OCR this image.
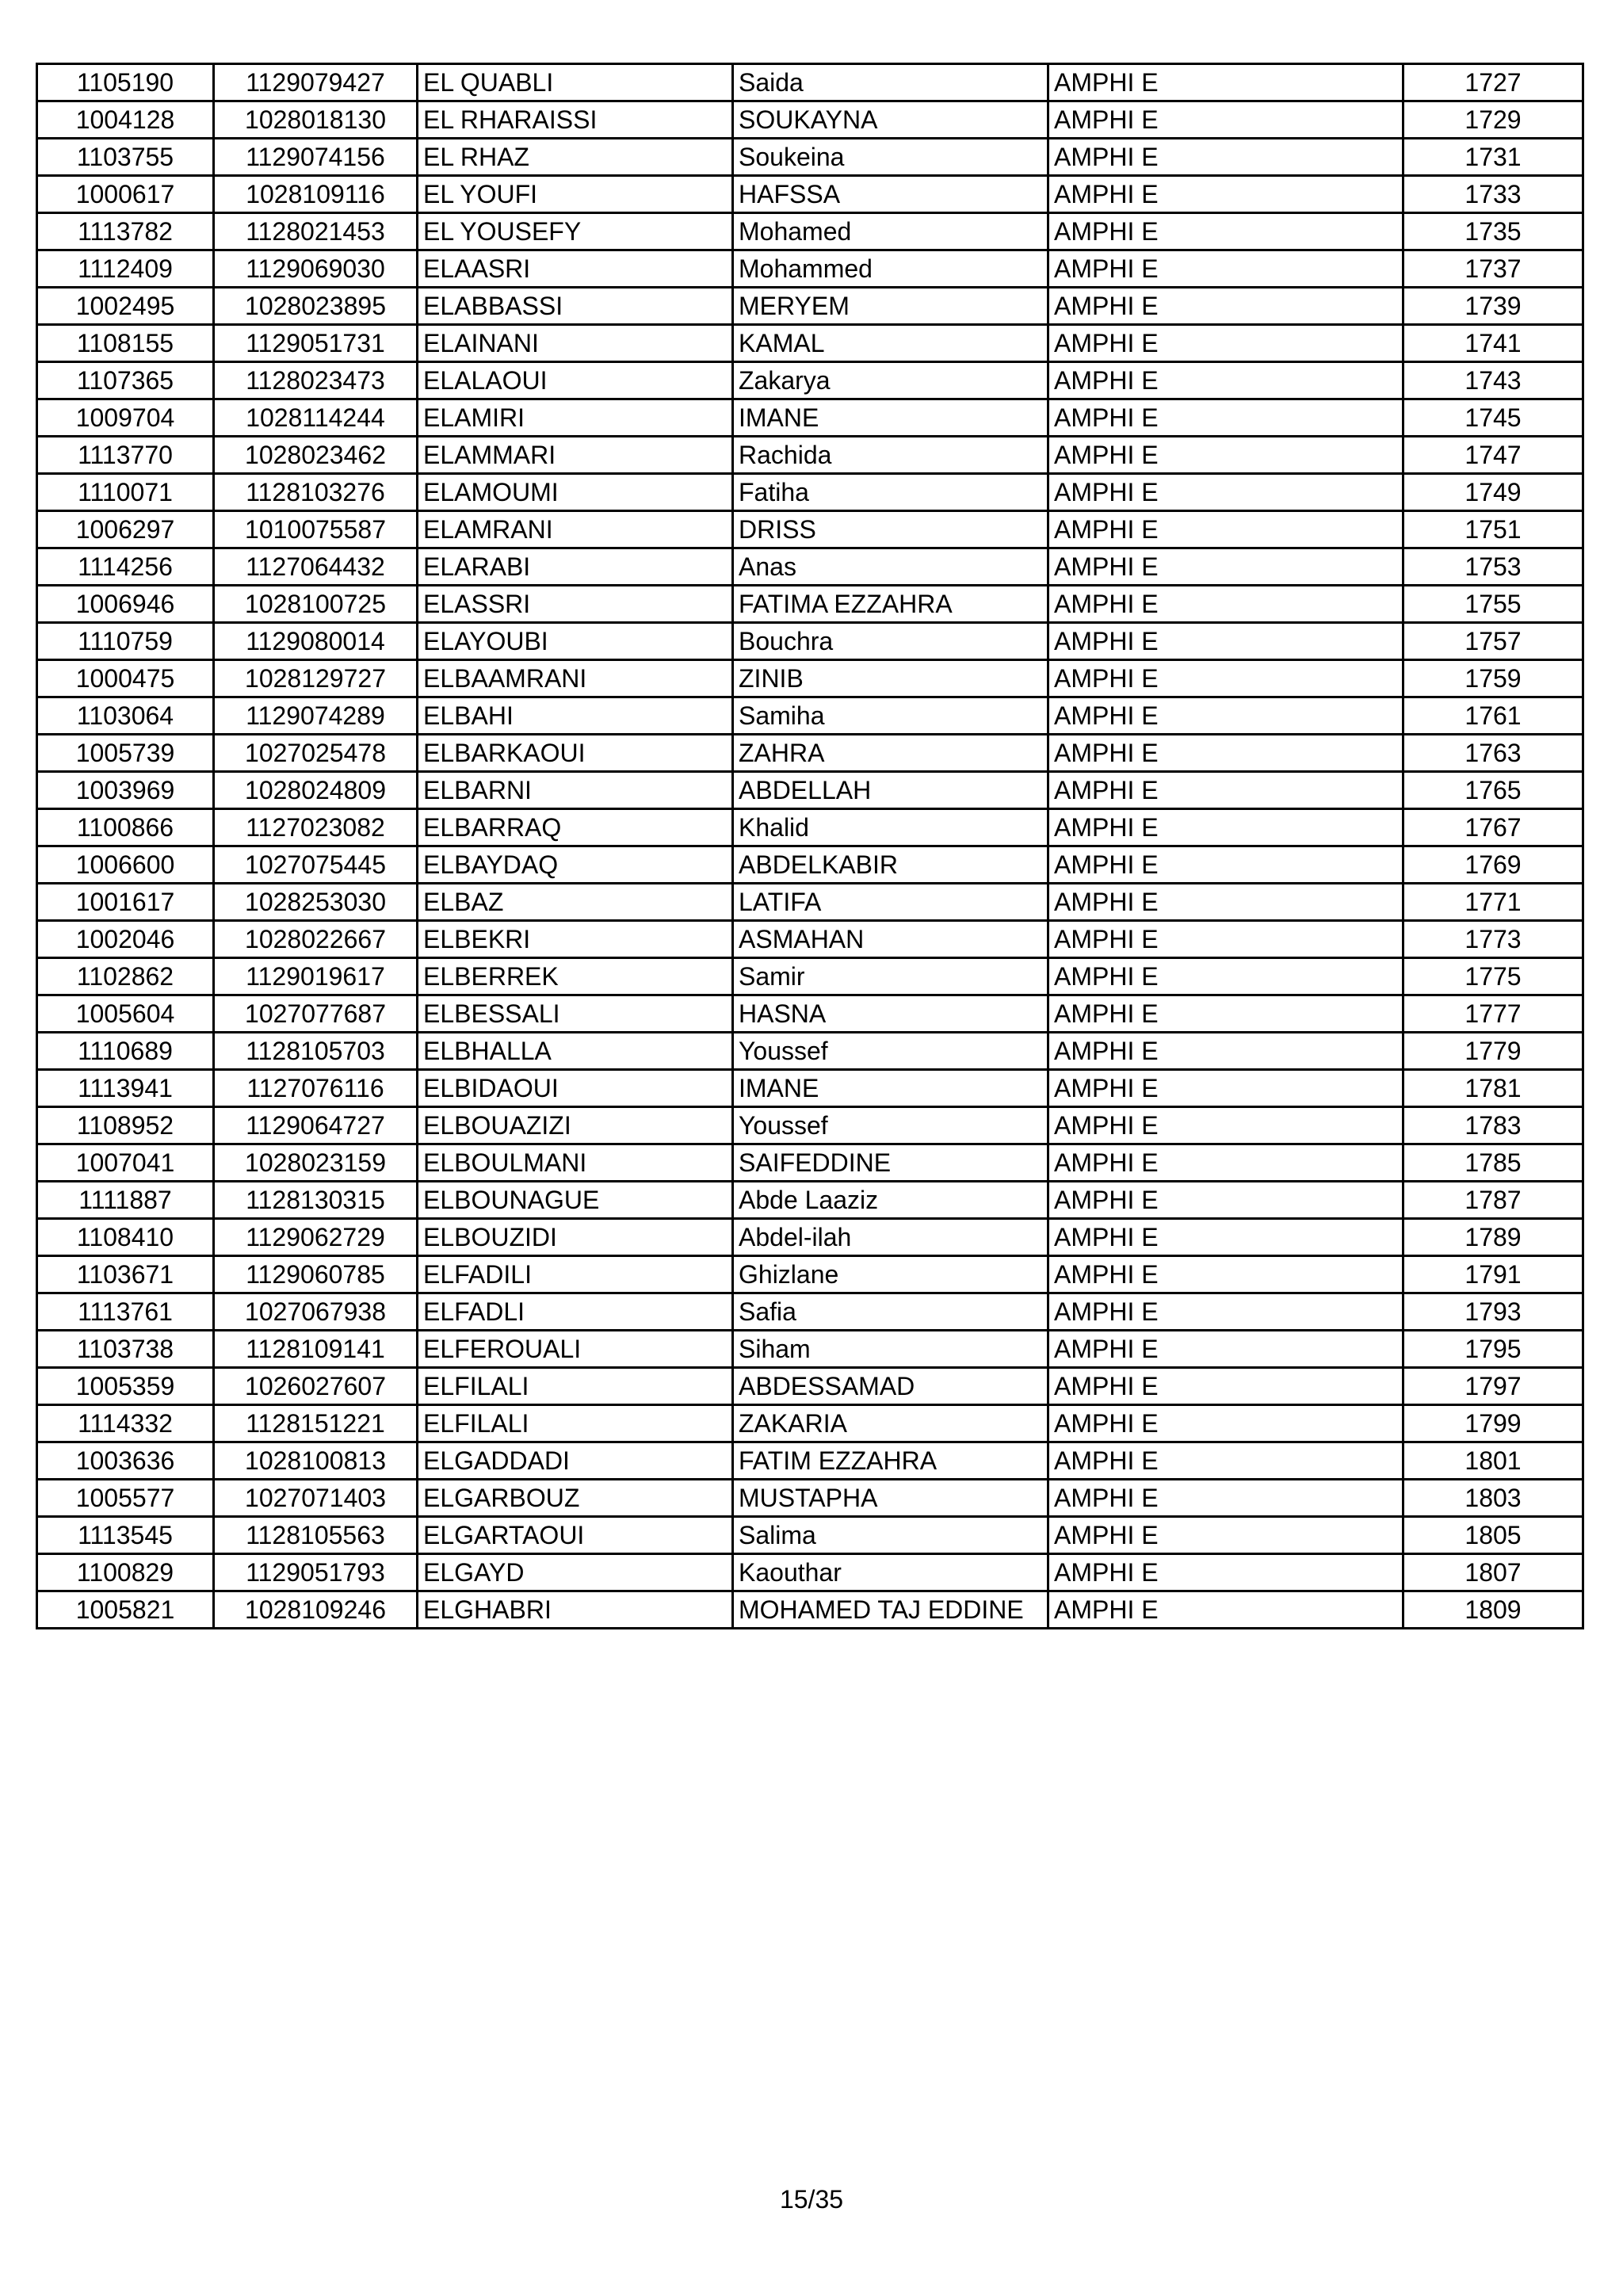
1105190	1129079427	EL QUABLI	Saida	AMPHI E	1727
1004128	1028018130	EL RHARAISSI	SOUKAYNA	AMPHI E	1729
1103755	1129074156	EL RHAZ	Soukeina	AMPHI E	1731
1000617	1028109116	EL YOUFI	HAFSSA	AMPHI E	1733
1113782	1128021453	EL YOUSEFY	Mohamed	AMPHI E	1735
1112409	1129069030	ELAASRI	Mohammed	AMPHI E	1737
1002495	1028023895	ELABBASSI	MERYEM	AMPHI E	1739
1108155	1129051731	ELAINANI	KAMAL	AMPHI E	1741
1107365	1128023473	ELALAOUI	Zakarya	AMPHI E	1743
1009704	1028114244	ELAMIRI	IMANE	AMPHI E	1745
1113770	1028023462	ELAMMARI	Rachida	AMPHI E	1747
1110071	1128103276	ELAMOUMI	Fatiha	AMPHI E	1749
1006297	1010075587	ELAMRANI	DRISS	AMPHI E	1751
1114256	1127064432	ELARABI	Anas	AMPHI E	1753
1006946	1028100725	ELASSRI	FATIMA EZZAHRA	AMPHI E	1755
1110759	1129080014	ELAYOUBI	Bouchra	AMPHI E	1757
1000475	1028129727	ELBAAMRANI	ZINIB	AMPHI E	1759
1103064	1129074289	ELBAHI	Samiha	AMPHI E	1761
1005739	1027025478	ELBARKAOUI	ZAHRA	AMPHI E	1763
1003969	1028024809	ELBARNI	ABDELLAH	AMPHI E	1765
1100866	1127023082	ELBARRAQ	Khalid	AMPHI E	1767
1006600	1027075445	ELBAYDAQ	ABDELKABIR	AMPHI E	1769
1001617	1028253030	ELBAZ	LATIFA	AMPHI E	1771
1002046	1028022667	ELBEKRI	ASMAHAN	AMPHI E	1773
1102862	1129019617	ELBERREK	Samir	AMPHI E	1775
1005604	1027077687	ELBESSALI	HASNA	AMPHI E	1777
1110689	1128105703	ELBHALLA	Youssef	AMPHI E	1779
1113941	1127076116	ELBIDAOUI	IMANE	AMPHI E	1781
1108952	1129064727	ELBOUAZIZI	Youssef	AMPHI E	1783
1007041	1028023159	ELBOULMANI	SAIFEDDINE	AMPHI E	1785
1111887	1128130315	ELBOUNAGUE	Abde Laaziz	AMPHI E	1787
1108410	1129062729	ELBOUZIDI	Abdel-ilah	AMPHI E	1789
1103671	1129060785	ELFADILI	Ghizlane	AMPHI E	1791
1113761	1027067938	ELFADLI	Safia	AMPHI E	1793
1103738	1128109141	ELFEROUALI	Siham	AMPHI E	1795
1005359	1026027607	ELFILALI	ABDESSAMAD	AMPHI E	1797
1114332	1128151221	ELFILALI	ZAKARIA	AMPHI E	1799
1003636	1028100813	ELGADDADI	FATIM EZZAHRA	AMPHI E	1801
1005577	1027071403	ELGARBOUZ	MUSTAPHA	AMPHI E	1803
1113545	1128105563	ELGARTAOUI	Salima	AMPHI E	1805
1100829	1129051793	ELGAYD	Kaouthar	AMPHI E	1807
1005821	1028109246	ELGHABRI	MOHAMED TAJ EDDINE	AMPHI E	1809
15/35
